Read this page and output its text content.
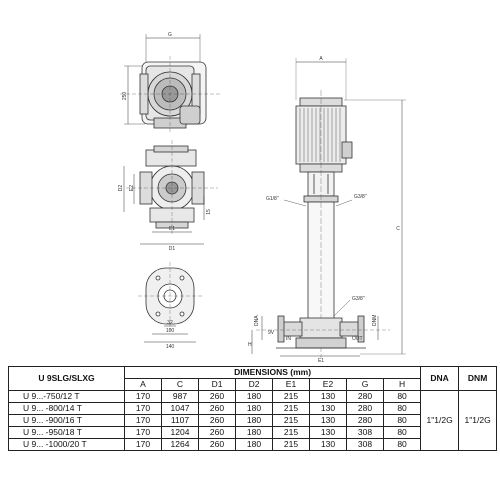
G
250
D2 E2
E1
D1
15
32
100
140
A
C
G1/8"	G3/8"
G3/8"
DNA	DNM
9V
IN	OUT
H
E1
U 9SLG/SLXG	DIMENSIONS (mm)								DNA	DNM
	A	C	D1	D2	E1	E2	G	H		
U 9...-750/12 T	170	987	260	180	215	130	280	80	1"1/2G	1"1/2G
U 9... -800/14 T	170	1047	260	180	215	130	280	80		
U 9... -900/16 T	170	1107	260	180	215	130	280	80		
U 9... -950/18 T	170	1204	260	180	215	130	308	80		
U 9... -1000/20 T	170	1264	260	180	215	130	308	80		
